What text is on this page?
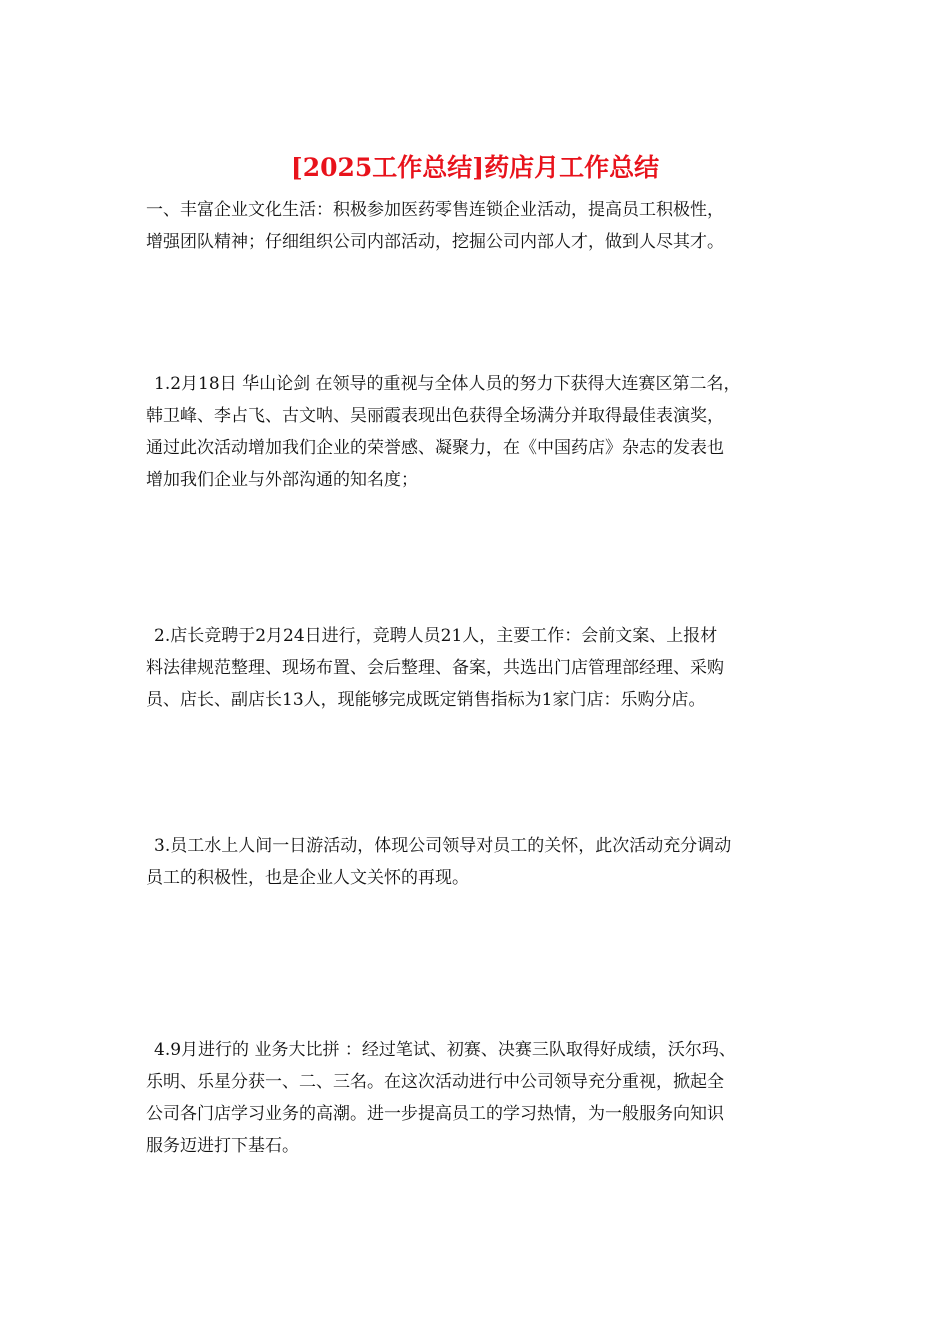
[2025工作总结]药店月工作总结
一、丰富企业文化生活：积极参加医药零售连锁企业活动，提高员工积极性，
增强团队精神；仔细组织公司内部活动，挖掘公司内部人才，做到人尽其才。
1.2月18日 华山论剑 在领导的重视与全体人员的努力下获得大连赛区第二名，
韩卫峰、李占飞、古文呐、吴丽霞表现出色获得全场满分并取得最佳表演奖，
通过此次活动增加我们企业的荣誉感、凝聚力，在《中国药店》杂志的发表也
增加我们企业与外部沟通的知名度；
2.店长竞聘于2月24日进行，竞聘人员21人，主要工作：会前文案、上报材
料法律规范整理、现场布置、会后整理、备案，共选出门店管理部经理、采购
员、店长、副店长13人，现能够完成既定销售指标为1家门店：乐购分店。
3.员工水上人间一日游活动，体现公司领导对员工的关怀，此次活动充分调动
员工的积极性，也是企业人文关怀的再现。
4.9月进行的 业务大比拼 ：经过笔试、初赛、决赛三队取得好成绩，沃尔玛、
乐明、乐星分获一、二、三名。在这次活动进行中公司领导充分重视，掀起全
公司各门店学习业务的高潮。进一步提高员工的学习热情，为一般服务向知识
服务迈进打下基石。
